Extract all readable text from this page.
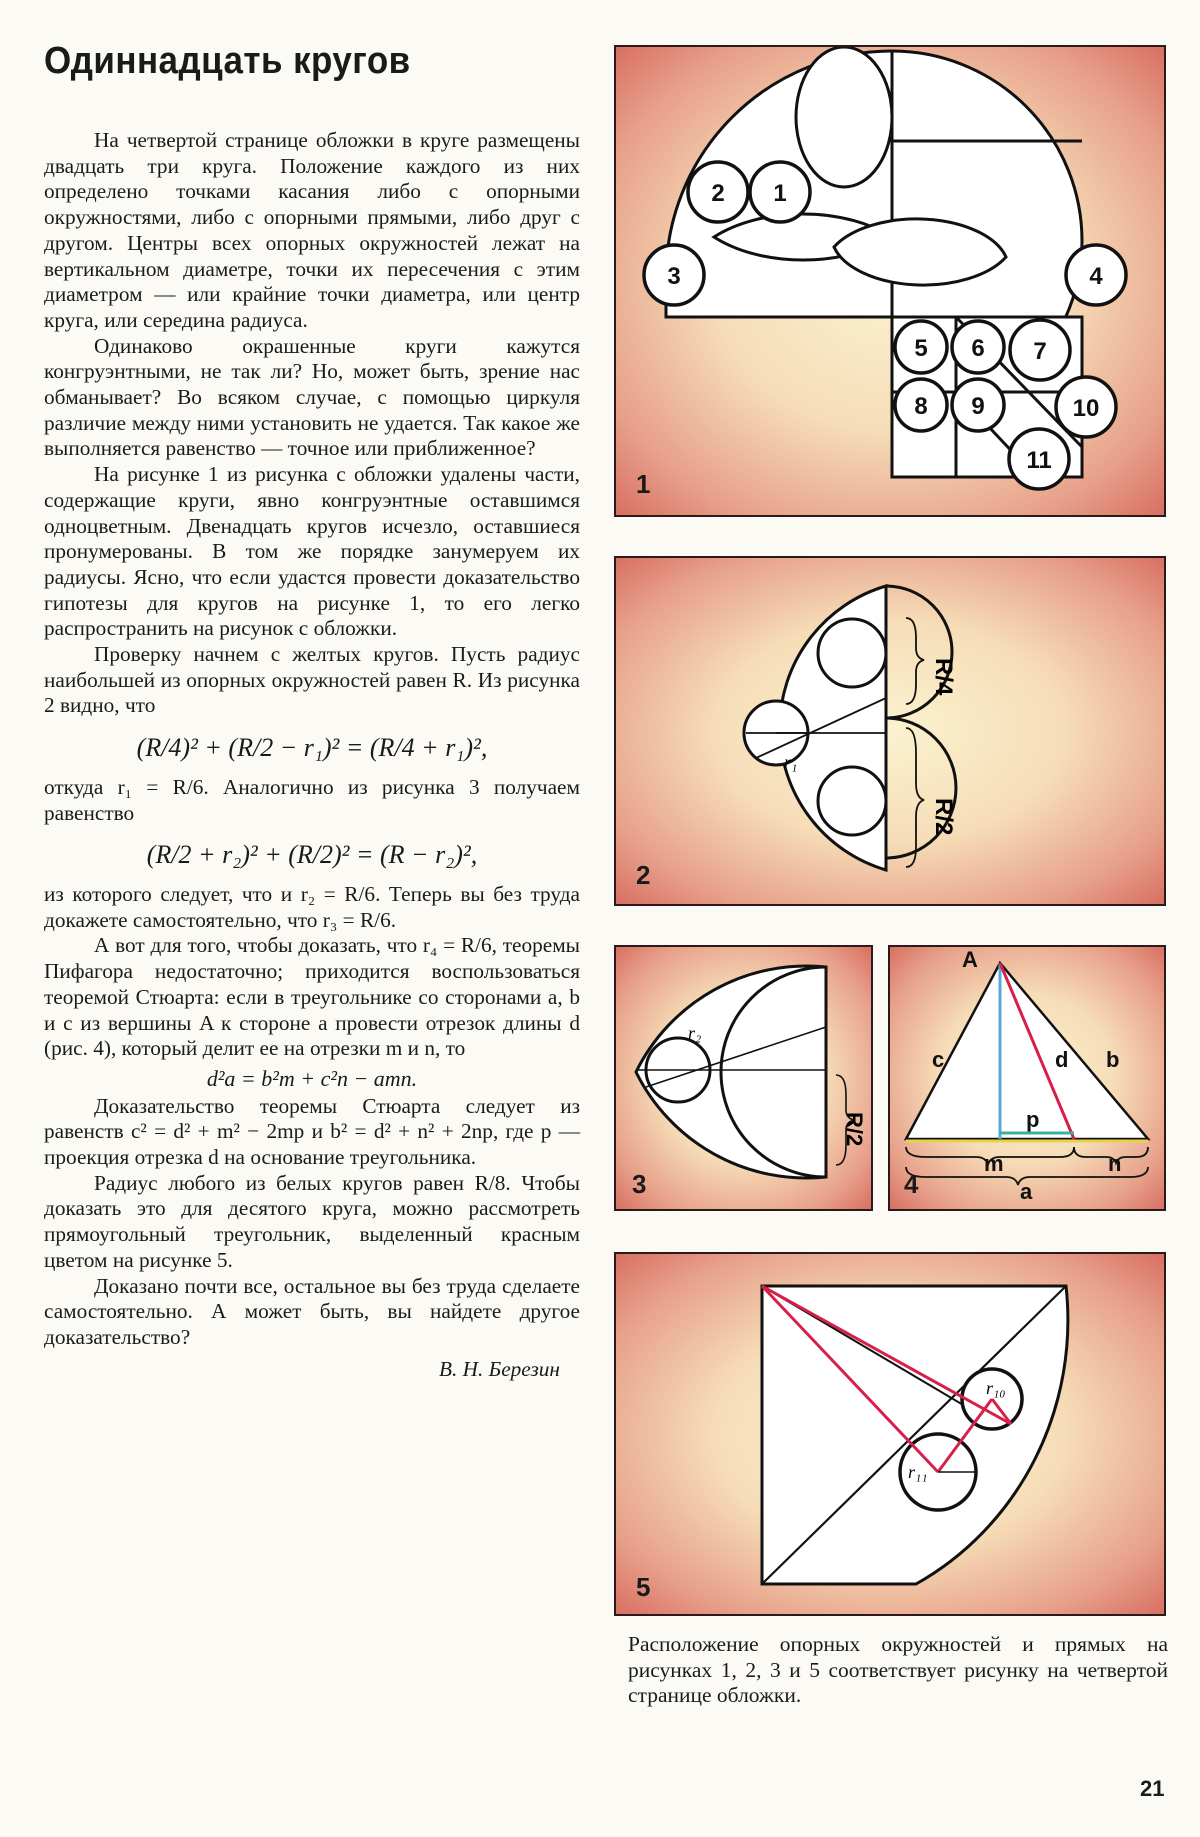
Одиннадцать кругов

На четвертой странице обложки в круге размещены двадцать три круга. Положение каждого из них определено точками касания либо с опорными окружностями, либо с опорными прямыми, либо друг с другом. Центры всех опорных окружностей лежат на вертикальном диаметре, точки их пересечения с этим диаметром — или крайние точки диаметра, или центр круга, или середина радиуса.

Одинаково окрашенные круги кажутся конгруэнтными, не так ли? Но, может быть, зрение нас обманывает? Во всяком случае, с помощью циркуля различие между ними установить не удается. Так какое же выполняется равенство — точное или приближенное?

На рисунке 1 из рисунка с обложки удалены части, содержащие круги, явно конгруэнтные оставшимся одноцветным. Двенадцать кругов исчезло, оставшиеся пронумерованы. В том же порядке занумеруем их радиусы. Ясно, что если удастся провести доказательство гипотезы для кругов на рисунке 1, то его легко распространить на рисунок с обложки.

Проверку начнем с желтых кругов. Пусть радиус наибольшей из опорных окружностей равен R. Из рисунка 2 видно, что

(R/4)² + (R/2 − r₁)² = (R/4 + r₁)²,

откуда r₁ = R/6. Аналогично из рисунка 3 получаем равенство

(R/2 + r₂)² + (R/2)² = (R − r₂)²,

из которого следует, что и r₂ = R/6. Теперь вы без труда докажете самостоятельно, что r₃ = R/6.

А вот для того, чтобы доказать, что r₄ = R/6, теоремы Пифагора недостаточно; приходится воспользоваться теоремой Стюарта: если в треугольнике со сторонами a, b и c из вершины A к стороне a провести отрезок длины d (рис. 4), который делит ее на отрезки m и n, то

d²a = b²m + c²n − amn.

Доказательство теоремы Стюарта следует из равенств c² = d² + m² − 2mp и b² = d² + n² + 2np, где p — проекция отрезка d на основание треугольника.

Радиус любого из белых кругов равен R/8. Чтобы доказать это для десятого круга, можно рассмотреть прямоугольный треугольник, выделенный красным цветом на рисунке 5.

Доказано почти все, остальное вы без труда сделаете самостоятельно. А может быть, вы найдете другое доказательство?

В. Н. Березин

1
2
3	4
5 6 7
8 9	10
11
1
r₁
R/4
R/2
2
r₂
R/2
3
A
c	d b
p
m	n
a
4
r₁₀
r₁₁
5
Расположение опорных окружностей и прямых на рисунках 1, 2, 3 и 5 соответствует рисунку на четвертой странице обложки.
21
